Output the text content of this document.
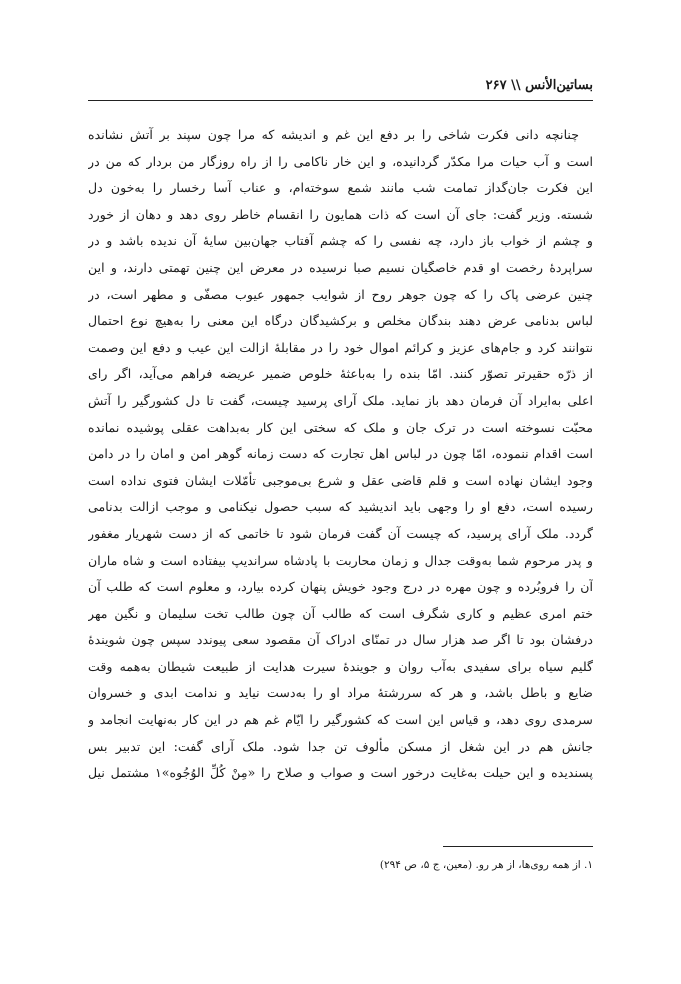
بساتین‌الأنس \\ ۲۶۷
چنانچه دانی فکرت شاخی را بر دفع این غم و اندیشه که مرا چون سپند بر آتش نشانده
است و آب حیات مرا مکدّر گردانیده، و این خار ناکامی را از راه روزگار من بردار که من در
این فکرت جان‌گداز تمامت شب مانند شمع سوخته‌ام، و عناب آسا رخسار را به‌خون دل
شسته. وزیر گفت: جای آن است که ذات همایون را انقسام خاطر روی دهد و دهان از خورد
و چشم از خواب باز دارد، چه نفسی را که چشم آفتاب جهان‌بین سایهٔ آن ندیده باشد و در
سراپردهٔ رخصت او قدم خاصگیان نسیم صبا نرسیده در معرض این چنین تهمتی دارند، و این
چنین عرضی پاک را که چون جوهر روح از شوایب جمهور عیوب مصفّی و مطهر است، در
لباس بدنامی عرض دهند بندگان مخلص و برکشیدگان درگاه این معنی را به‌هیچ نوع احتمال
نتوانند کرد و جام‌های عزیز و کرائم اموال خود را در مقابلهٔ ازالت این عیب و دفع این وصمت
از ذرّه حقیرتر تصوّر کنند. امّا بنده را به‌باعثهٔ خلوص ضمیر عریضه فراهم می‌آید، اگر رای
اعلی به‌ایراد آن فرمان دهد باز نماید. ملک آرای پرسید چیست، گفت تا دل کشورگیر را آتش
محبّت نسوخته است در ترک جان و ملک که سختی این کار به‌بداهت عقلی پوشیده نمانده
است اقدام ننموده، امّا چون در لباس اهل تجارت که دست زمانه گوهر امن و امان را در دامن
وجود ایشان نهاده است و قلم قاضی عقل و شرع بی‌موجبی تأمّلات ایشان فتوی نداده است
رسیده است، دفع او را وجهی باید اندیشید که سبب حصول نیکنامی و موجب ازالت بدنامی
گردد. ملک آرای پرسید، که چیست آن گفت فرمان شود تا خاتمی که از دست شهریار مغفور
و پدر مرحوم شما به‌وقت جدال و زمان محاربت با پادشاه سراندیپ بیفتاده است و شاه ماران
آن را فروبُرده و چون مهره در درج وجود خویش پنهان کرده بیارد، و معلوم است که طلب آن
ختم امری عظیم و کاری شگرف است که طالب آن چون طالب تخت سلیمان و نگین مهر
درفشان بود تا اگر صد هزار سال در تمنّای ادراک آن مقصود سعی پیوندد سپس چون شویندهٔ
گلیم سیاه برای سفیدی به‌آب روان و جویندهٔ سیرت هدایت از طبیعت شیطان به‌همه وقت
ضایع و باطل باشد، و هر که سررشتهٔ مراد او را به‌دست نیاید و ندامت ابدی و خسروان
سرمدی روی دهد، و قیاس این است که کشورگیر را ایّام غم هم در این کار به‌نهایت انجامد و
جانش هم در این شغل از مسکن مألوف تن جدا شود. ملک آرای گفت: این تدبیر بس
پسندیده و این حیلت به‌غایت درخور است و صواب و صلاح را «مِنْ کُلِّ الوُجُوه»۱ مشتمل نیل
۱. از همه روی‌ها، از هر رو. (معین، ج ۵، ص ۲۹۴)
